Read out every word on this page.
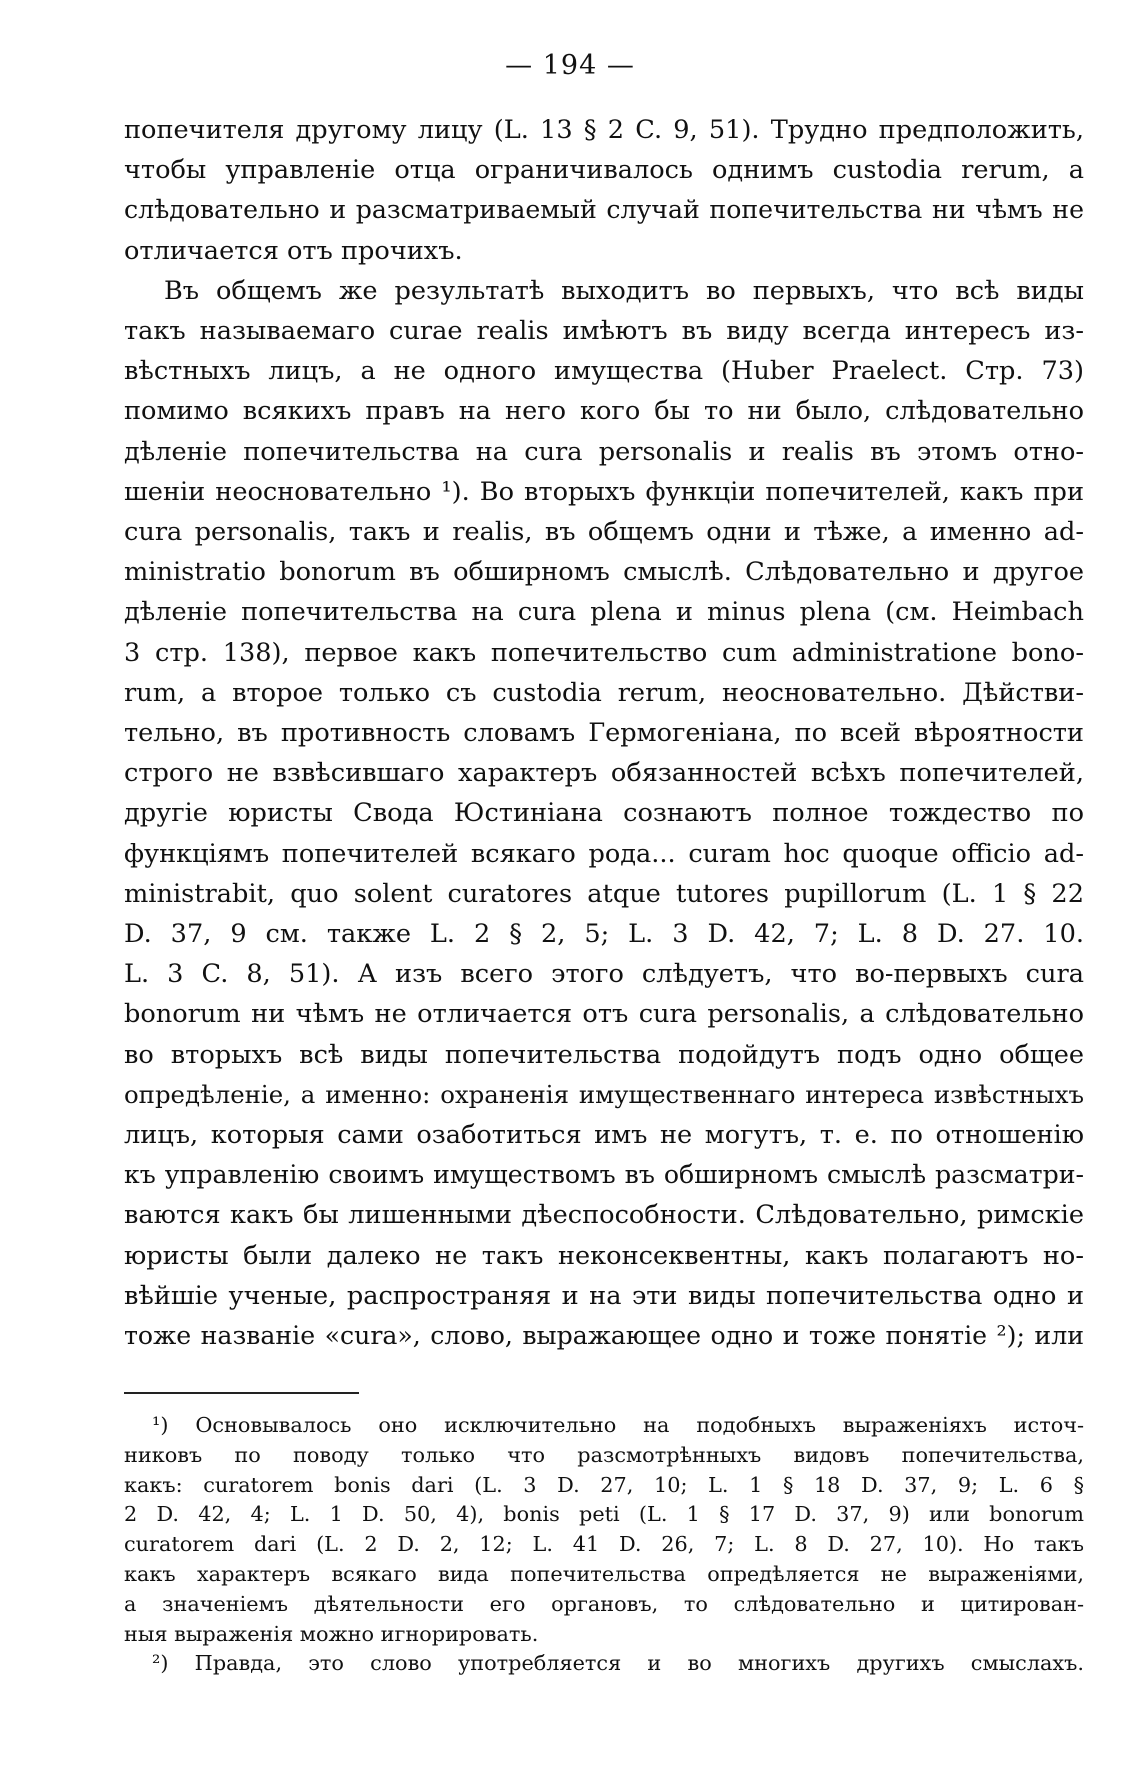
— 194 —
попечителя другому лицу (L. 13 § 2 C. 9, 51). Трудно предположить,
чтобы управленіе отца ограничивалось однимъ custodia rerum, а
слѣдовательно и разсматриваемый случай попечительства ни чѣмъ не
отличается отъ прочихъ.
Въ общемъ же результатѣ выходитъ во первыхъ, что всѣ виды
такъ называемаго curae realis имѣютъ въ виду всегда интересъ из-
вѣстныхъ лицъ, а не одного имущества (Huber Praelect. Стр. 73)
помимо всякихъ правъ на него кого бы то ни было, слѣдовательно
дѣленіе попечительства на cura personalis и realis въ этомъ отно-
шеніи неосновательно ¹). Во вторыхъ функціи попечителей, какъ при
cura personalis, такъ и realis, въ общемъ одни и тѣже, а именно ad-
ministratio bonorum въ обширномъ смыслѣ. Слѣдовательно и другое
дѣленіе попечительства на cura plena и minus plena (см. Heimbach
3 стр. 138), первое какъ попечительство cum administratione bono-
rum, а второе только съ custodia rerum, неосновательно. Дѣйстви-
тельно, въ противность словамъ Гермогеніана, по всей вѣроятности
строго не взвѣсившаго характеръ обязанностей всѣхъ попечителей,
другіе юристы Свода Юстиніана сознаютъ полное тождество по
функціямъ попечителей всякаго рода... curam hoc quoque officio ad-
ministrabit, quo solent curatores atque tutores pupillorum (L. 1 § 22
D. 37, 9 см. также L. 2 § 2, 5; L. 3 D. 42, 7; L. 8 D. 27. 10.
L. 3 C. 8, 51). А изъ всего этого слѣдуетъ, что во-первыхъ cura
bonorum ни чѣмъ не отличается отъ cura personalis, а слѣдовательно
во вторыхъ всѣ виды попечительства подойдутъ подъ одно общее
опредѣленіе, а именно: охраненія имущественнаго интереса извѣстныхъ
лицъ, которыя сами озаботиться имъ не могутъ, т. е. по отношенію
къ управленію своимъ имуществомъ въ обширномъ смыслѣ разсматри-
ваются какъ бы лишенными дѣеспособности. Слѣдовательно, римскіе
юристы были далеко не такъ неконсеквентны, какъ полагаютъ но-
вѣйшіе ученые, распространяя и на эти виды попечительства одно и
тоже названіе «cura», слово, выражающее одно и тоже понятіе ²); или
¹) Основывалось оно исключительно на подобныхъ выраженіяхъ источ-
никовъ по поводу только что разсмотрѣнныхъ видовъ попечительства,
какъ: curatorem bonis dari (L. 3 D. 27, 10; L. 1 § 18 D. 37, 9; L. 6 §
2 D. 42, 4; L. 1 D. 50, 4), bonis peti (L. 1 § 17 D. 37, 9) или bonorum
curatorem dari (L. 2 D. 2, 12; L. 41 D. 26, 7; L. 8 D. 27, 10). Но такъ
какъ характеръ всякаго вида попечительства опредѣляется не выраженіями,
а значеніемъ дѣятельности его органовъ, то слѣдовательно и цитирован-
ныя выраженія можно игнорировать.
²) Правда, это слово употребляется и во многихъ другихъ смыслахъ.
